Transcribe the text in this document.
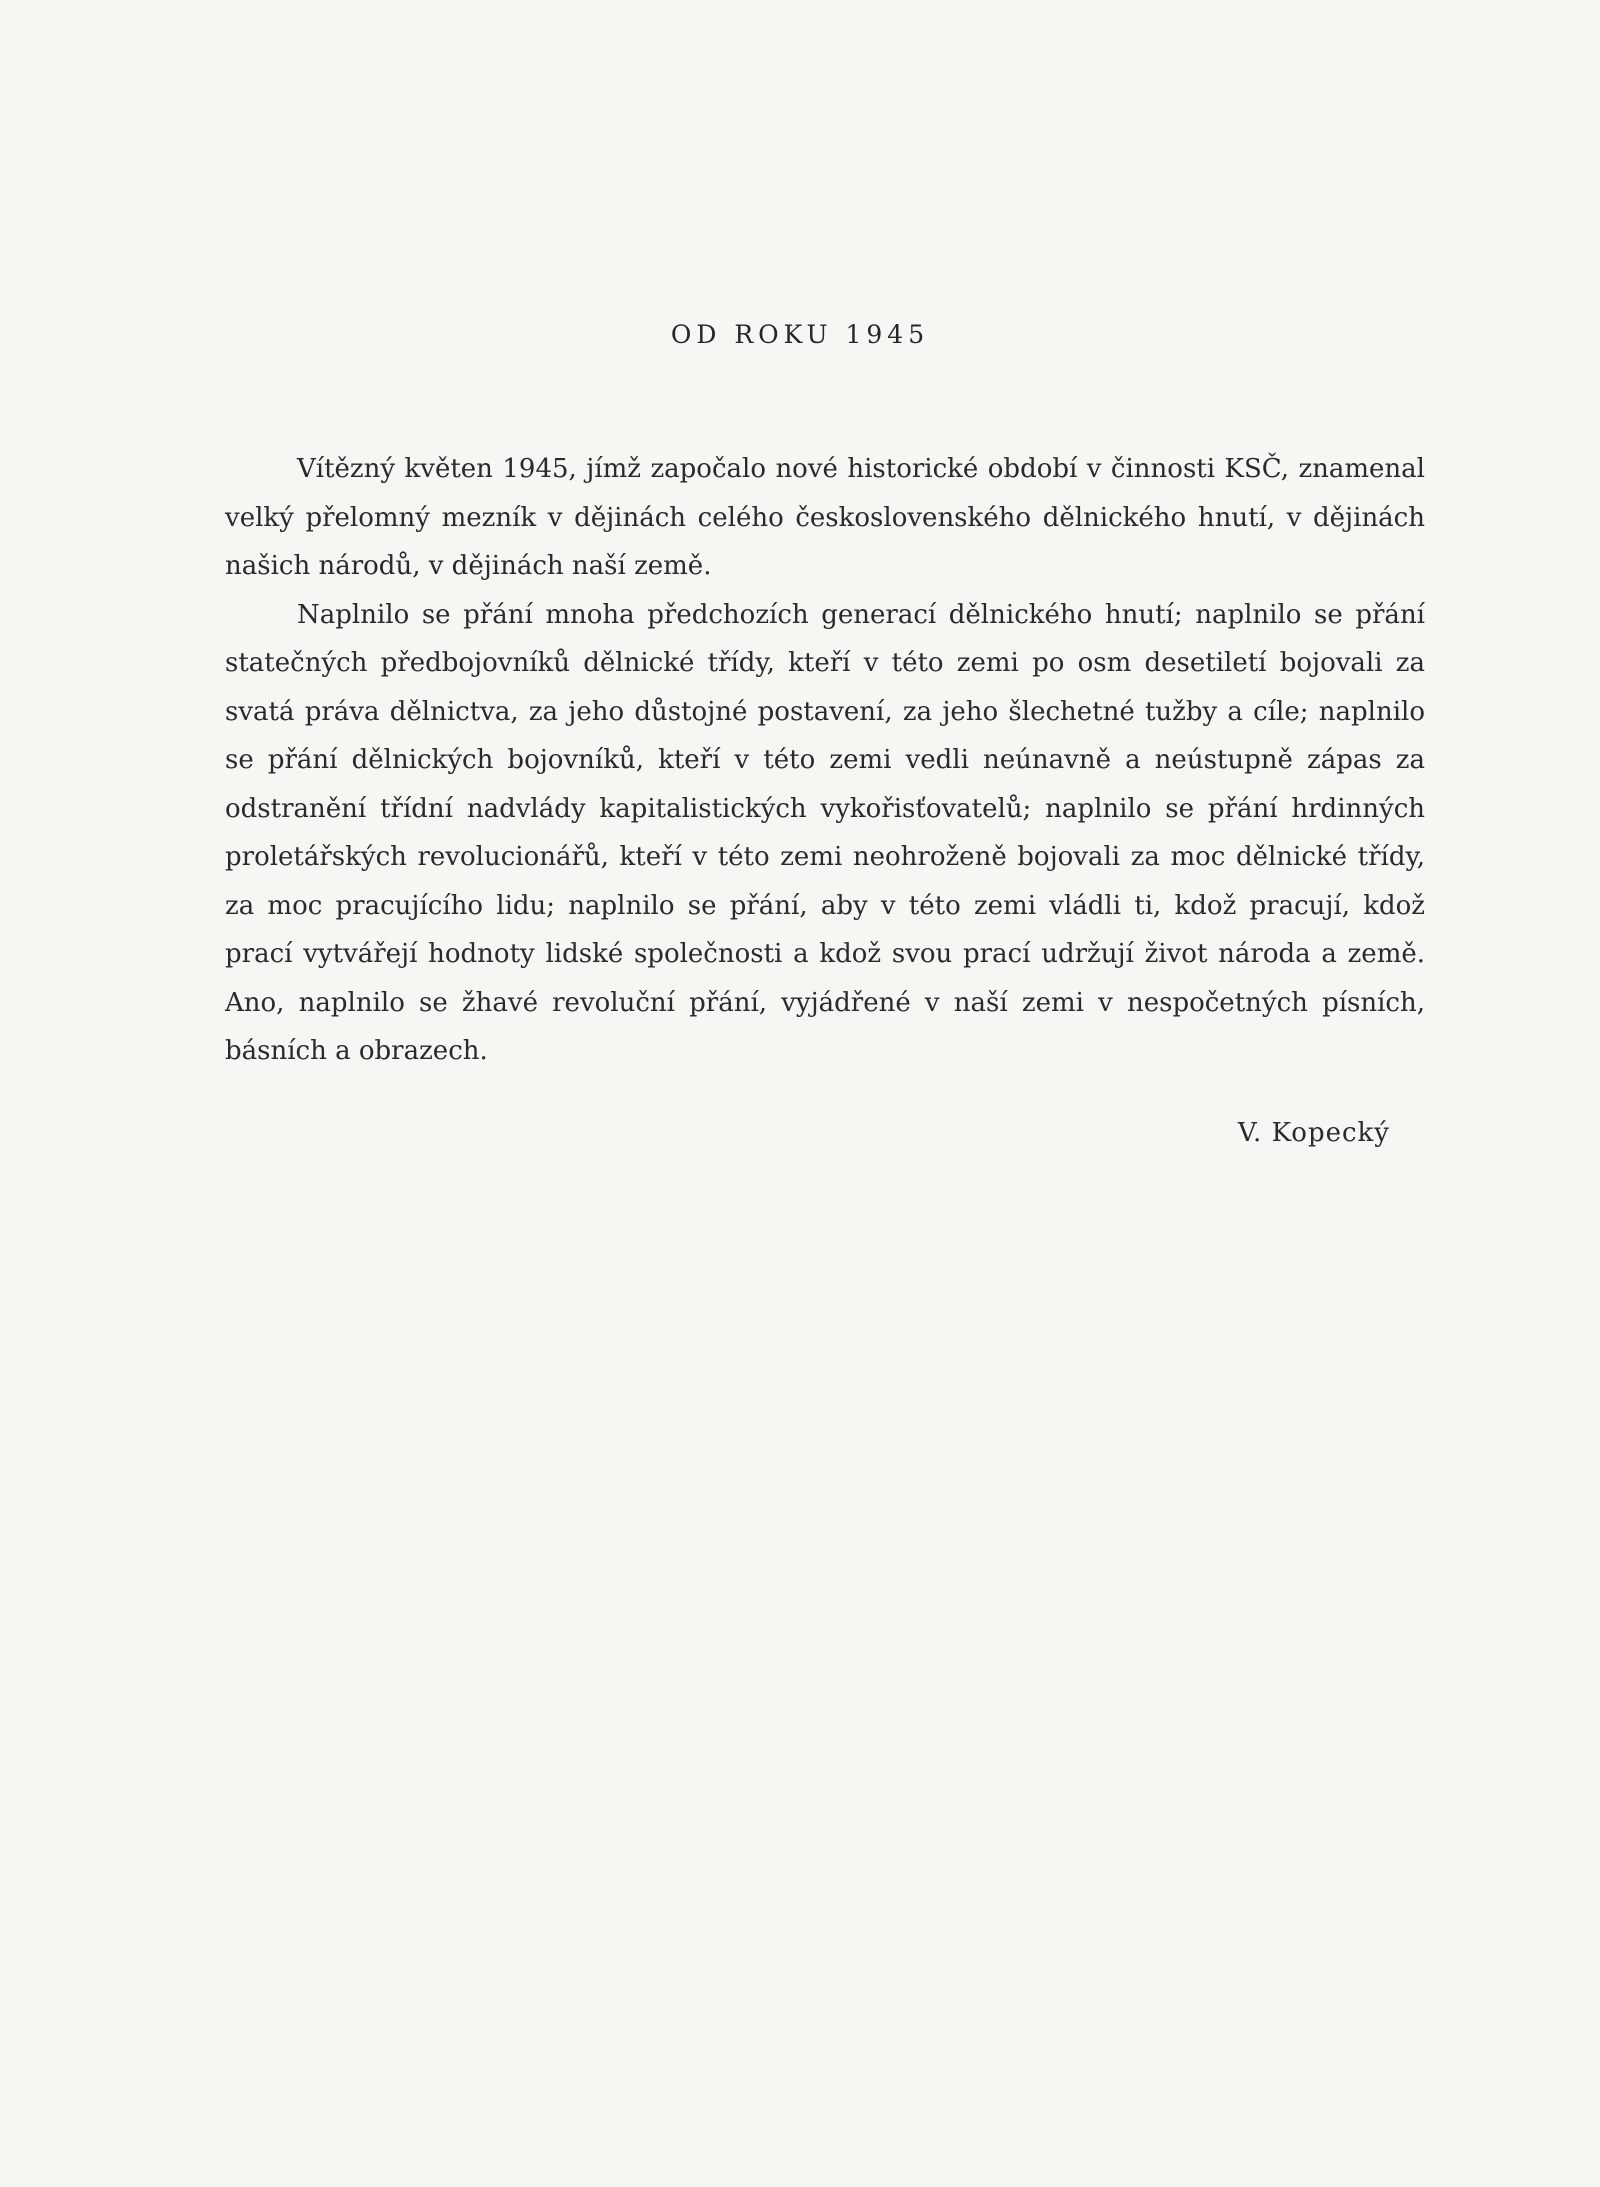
OD ROKU 1945

Vítězný květen 1945, jímž započalo nové historické období v činnosti KSČ, znamenal velký přelomný mezník v dějinách celého československého dělnického hnutí, v dějinách našich národů, v dějinách naší země.

Naplnilo se přání mnoha předchozích generací dělnického hnutí; naplnilo se přání statečných předbojovníků dělnické třídy, kteří v této zemi po osm desetiletí bojovali za svatá práva dělnictva, za jeho důstojné postavení, za jeho šlechetné tužby a cíle; naplnilo se přání dělnických bojovníků, kteří v této zemi vedli neúnavně a neústupně zápas za odstranění třídní nadvlády kapitalistických vykořisťovatelů; naplnilo se přání hrdinných proletářských revolucionářů, kteří v této zemi neohroženě bojovali za moc dělnické třídy, za moc pracujícího lidu; naplnilo se přání, aby v této zemi vládli ti, kdož pracují, kdož prací vytvářejí hodnoty lidské společnosti a kdož svou prací udržují život národa a země. Ano, naplnilo se žhavé revoluční přání, vyjádřené v naší zemi v nespočetných písních, básních a obrazech.

V. Kopecký
